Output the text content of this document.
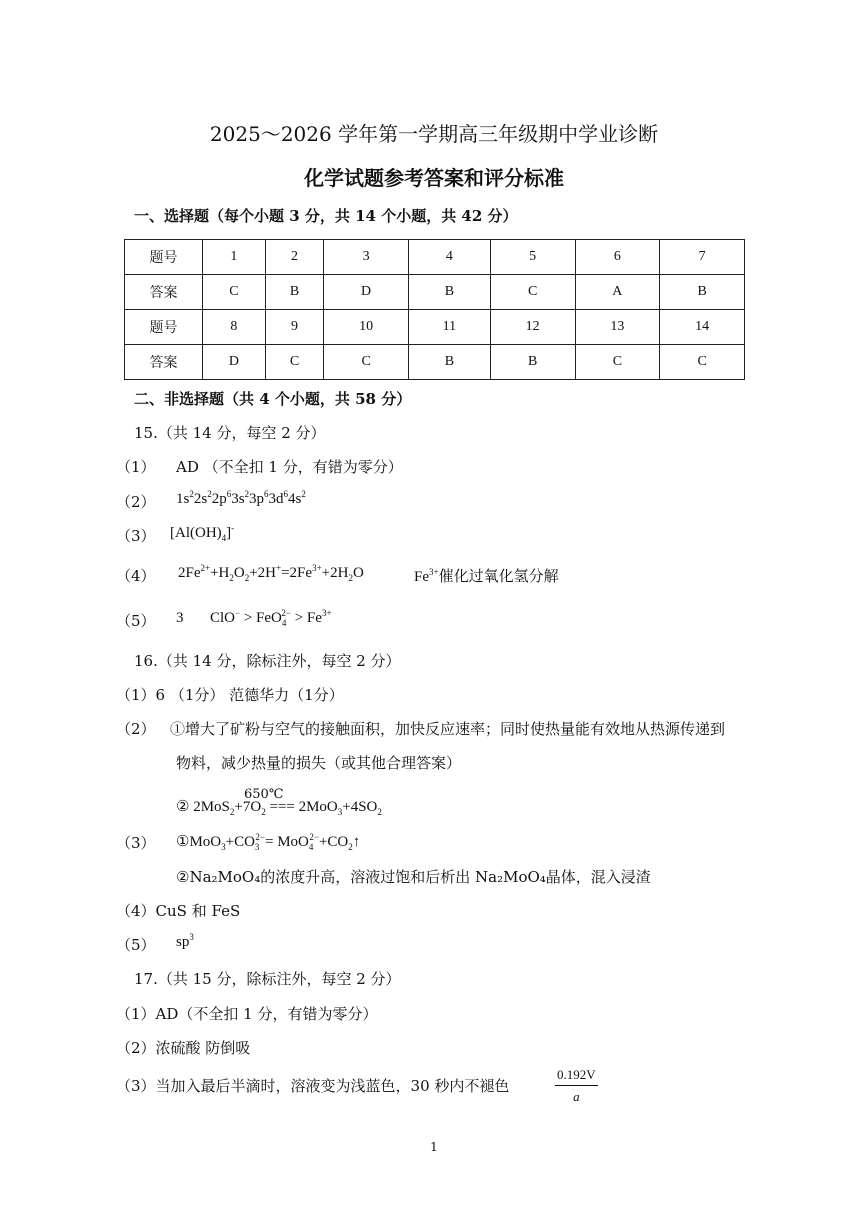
2025～2026 学年第一学期高三年级期中学业诊断
化学试题参考答案和评分标准
一、选择题（每个小题 3 分，共 14 个小题，共 42 分）
题号	1	2	3	4	5	6	7
答案	C	B	D	B	C	A	B
题号	8	9	10	11	12	13	14
答案	D	C	C	B	B	C	C
二、非选择题（共 4 个小题，共 58 分）
15.（共 14 分，每空 2 分）
（1） AD （不全扣 1 分，有错为零分）
（2） $1s^22s^22p^63s^23p^63d^64s^2$
（3） $[Al(OH)_4]^-$
（4） $2Fe^{2+}+H_2O_2+2H^+=2Fe^{3+}+2H_2O$	$Fe^{3+}$催化过氧化氢分解
（5） 3 $ClO^- > FeO_4^{2-} > Fe^{3+}$
16.（共 14 分，除标注外，每空 2 分）
（1）6 （1分） 范德华力（1分）
（2） ①增大了矿粉与空气的接触面积，加快反应速率；同时使热量能有效地从热源传递到
物料，减少热量的损失（或其他合理答案）
650℃
② $2MoS_2+7O_2$ === $2MoO_3+4SO_2$
（3） $①MoO_3+CO_3^{2-}=$ $MoO_4^{2-}+CO_2↑$
②Na₂MoO₄的浓度升高，溶液过饱和后析出 Na₂MoO₄晶体，混入浸渣
（4）CuS 和 FeS
（5） $sp^3$
17.（共 15 分，除标注外，每空 2 分）
（1）AD（不全扣 1 分，有错为零分）
（2）浓硫酸 防倒吸
（3）当加入最后半滴时，溶液变为浅蓝色，30 秒内不褪色	$\frac{0.192V}{a}$
1
